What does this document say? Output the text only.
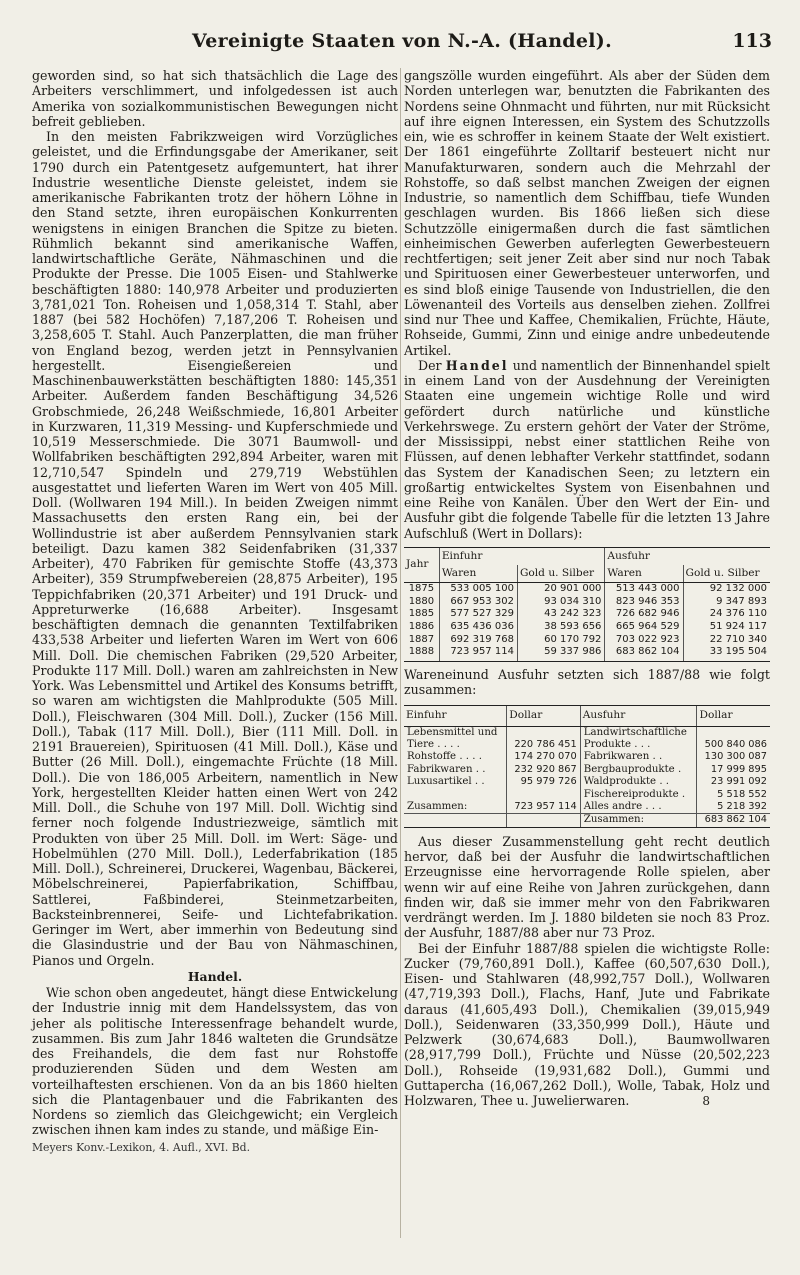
Vereinigte Staaten von N.-A. (Handel).	113

geworden sind, so hat sich thatsächlich die Lage des Arbeiters verschlimmert, und infolgedessen ist auch Amerika von sozialkommunistischen Bewegungen nicht befreit geblieben.

In den meisten Fabrikzweigen wird Vorzügliches geleistet, und die Erfindungsgabe der Amerikaner, seit 1790 durch ein Patentgesetz aufgemuntert, hat ihrer Industrie wesentliche Dienste geleistet, indem sie amerikanische Fabrikanten trotz der höhern Löhne in den Stand setzte, ihren europäischen Konkurrenten wenigstens in einigen Branchen die Spitze zu bieten. Rühmlich bekannt sind amerikanische Waffen, landwirtschaftliche Geräte, Nähmaschinen und die Produkte der Presse. Die 1005 Eisen- und Stahlwerke beschäftigten 1880: 140,978 Arbeiter und produzierten 3,781,021 Ton. Roheisen und 1,058,314 T. Stahl, aber 1887 (bei 582 Hochöfen) 7,187,206 T. Roheisen und 3,258,605 T. Stahl. Auch Panzerplatten, die man früher von England bezog, werden jetzt in Pennsylvanien hergestellt. Eisengießereien und Maschinenbauwerkstätten beschäftigten 1880: 145,351 Arbeiter. Außerdem fanden Beschäftigung 34,526 Grobschmiede, 26,248 Weißschmiede, 16,801 Arbeiter in Kurzwaren, 11,319 Messing- und Kupferschmiede und 10,519 Messerschmiede. Die 3071 Baumwoll- und Wollfabriken beschäftigten 292,894 Arbeiter, waren mit 12,710,547 Spindeln und 279,719 Webstühlen ausgestattet und lieferten Waren im Wert von 405 Mill. Doll. (Wollwaren 194 Mill.). In beiden Zweigen nimmt Massachusetts den ersten Rang ein, bei der Wollindustrie ist aber außerdem Pennsylvanien stark beteiligt. Dazu kamen 382 Seidenfabriken (31,337 Arbeiter), 470 Fabriken für gemischte Stoffe (43,373 Arbeiter), 359 Strumpfwebereien (28,875 Arbeiter), 195 Teppichfabriken (20,371 Arbeiter) und 191 Druck- und Appreturwerke (16,688 Arbeiter). Insgesamt beschäftigten demnach die genannten Textilfabriken 433,538 Arbeiter und lieferten Waren im Wert von 606 Mill. Doll. Die chemischen Fabriken (29,520 Arbeiter, Produkte 117 Mill. Doll.) waren am zahlreichsten in New York. Was Lebensmittel und Artikel des Konsums betrifft, so waren am wichtigsten die Mahlprodukte (505 Mill. Doll.), Fleischwaren (304 Mill. Doll.), Zucker (156 Mill. Doll.), Tabak (117 Mill. Doll.), Bier (111 Mill. Doll. in 2191 Brauereien), Spirituosen (41 Mill. Doll.), Käse und Butter (26 Mill. Doll.), eingemachte Früchte (18 Mill. Doll.). Die von 186,005 Arbeitern, namentlich in New York, hergestellten Kleider hatten einen Wert von 242 Mill. Doll., die Schuhe von 197 Mill. Doll. Wichtig sind ferner noch folgende Industriezweige, sämtlich mit Produkten von über 25 Mill. Doll. im Wert: Säge- und Hobelmühlen (270 Mill. Doll.), Lederfabrikation (185 Mill. Doll.), Schreinerei, Druckerei, Wagenbau, Bäckerei, Möbelschreinerei, Papierfabrikation, Schiffbau, Sattlerei, Faßbinderei, Steinmetzarbeiten, Backsteinbrennerei, Seife- und Lichtefabrikation. Geringer im Wert, aber immerhin von Bedeutung sind die Glasindustrie und der Bau von Nähmaschinen, Pianos und Orgeln.

Handel.

Wie schon oben angedeutet, hängt diese Entwickelung der Industrie innig mit dem Handelssystem, das von jeher als politische Interessenfrage behandelt wurde, zusammen. Bis zum Jahr 1846 walteten die Grundsätze des Freihandels, die dem fast nur Rohstoffe produzierenden Süden und dem Westen am vorteilhaftesten erschienen. Von da an bis 1860 hielten sich die Plantagenbauer und die Fabrikanten des Nordens so ziemlich das Gleichgewicht; ein Vergleich zwischen ihnen kam indes zu stande, und mäßige Ein-

Meyers Konv.-Lexikon, 4. Aufl., XVI. Bd.

gangszölle wurden eingeführt. Als aber der Süden dem Norden unterlegen war, benutzten die Fabrikanten des Nordens seine Ohnmacht und führten, nur mit Rücksicht auf ihre eignen Interessen, ein System des Schutzzolls ein, wie es schroffer in keinem Staate der Welt existiert. Der 1861 eingeführte Zolltarif besteuert nicht nur Manufakturwaren, sondern auch die Mehrzahl der Rohstoffe, so daß selbst manchen Zweigen der eignen Industrie, so namentlich dem Schiffbau, tiefe Wunden geschlagen wurden. Bis 1866 ließen sich diese Schutzzölle einigermaßen durch die fast sämtlichen einheimischen Gewerben auferlegten Gewerbesteuern rechtfertigen; seit jener Zeit aber sind nur noch Tabak und Spirituosen einer Gewerbesteuer unterworfen, und es sind bloß einige Tausende von Industriellen, die den Löwenanteil des Vorteils aus denselben ziehen. Zollfrei sind nur Thee und Kaffee, Chemikalien, Früchte, Häute, Rohseide, Gummi, Zinn und einige andre unbedeutende Artikel.

Der Handel und namentlich der Binnenhandel spielt in einem Land von der Ausdehnung der Vereinigten Staaten eine ungemein wichtige Rolle und wird gefördert durch natürliche und künstliche Verkehrswege. Zu erstern gehört der Vater der Ströme, der Mississippi, nebst einer stattlichen Reihe von Flüssen, auf denen lebhafter Verkehr stattfindet, sodann das System der Kanadischen Seen; zu letztern ein großartig entwickeltes System von Eisenbahnen und eine Reihe von Kanälen. Über den Wert der Ein- und Ausfuhr gibt die folgende Tabelle für die letzten 13 Jahre Aufschluß (Wert in Dollars):

Jahr	Einfuhr		Ausfuhr	
	Waren	Gold u. Silber	Waren	Gold u. Silber
1875	533 005 100	20 901 000	513 443 000	92 132 000
1880	667 953 302	93 034 310	823 946 353	9 347 893
1885	577 527 329	43 242 323	726 682 946	24 376 110
1886	635 436 036	38 593 656	665 964 529	51 924 117
1887	692 319 768	60 170 792	703 022 923	22 710 340
1888	723 957 114	59 337 986	683 862 104	33 195 504

Wareneinund Ausfuhr setzten sich 1887/88 wie folgt zusammen:

Einfuhr	Dollar	Ausfuhr	Dollar
Lebensmittel und		Landwirtschaftliche	
Tiere . . . .	220 786 451	Produkte . . .	500 840 086
Rohstoffe . . . .	174 270 070	Fabrikwaren . .	130 300 087
Fabrikwaren . .	232 920 867	Bergbauprodukte .	17 999 895
Luxusartikel . .	95 979 726	Waldprodukte . .	23 991 092
		Fischereiprodukte .	5 518 552
Zusammen:	723 957 114	Alles andre . . .	5 218 392
		Zusammen:	683 862 104

Aus dieser Zusammenstellung geht recht deutlich hervor, daß bei der Ausfuhr die landwirtschaftlichen Erzeugnisse eine hervorragende Rolle spielen, aber wenn wir auf eine Reihe von Jahren zurückgehen, dann finden wir, daß sie immer mehr von den Fabrikwaren verdrängt werden. Im J. 1880 bildeten sie noch 83 Proz. der Ausfuhr, 1887/88 aber nur 73 Proz.

Bei der Einfuhr 1887/88 spielen die wichtigste Rolle: Zucker (79,760,891 Doll.), Kaffee (60,507,630 Doll.), Eisen- und Stahlwaren (48,992,757 Doll.), Wollwaren (47,719,393 Doll.), Flachs, Hanf, Jute und Fabrikate daraus (41,605,493 Doll.), Chemikalien (39,015,949 Doll.), Seidenwaren (33,350,999 Doll.), Häute und Pelzwerk (30,674,683 Doll.), Baumwollwaren (28,917,799 Doll.), Früchte und Nüsse (20,502,223 Doll.), Rohseide (19,931,682 Doll.), Gummi und Guttapercha (16,067,262 Doll.), Wolle, Tabak, Holz und Holzwaren, Thee u. Juwelierwaren.	8
